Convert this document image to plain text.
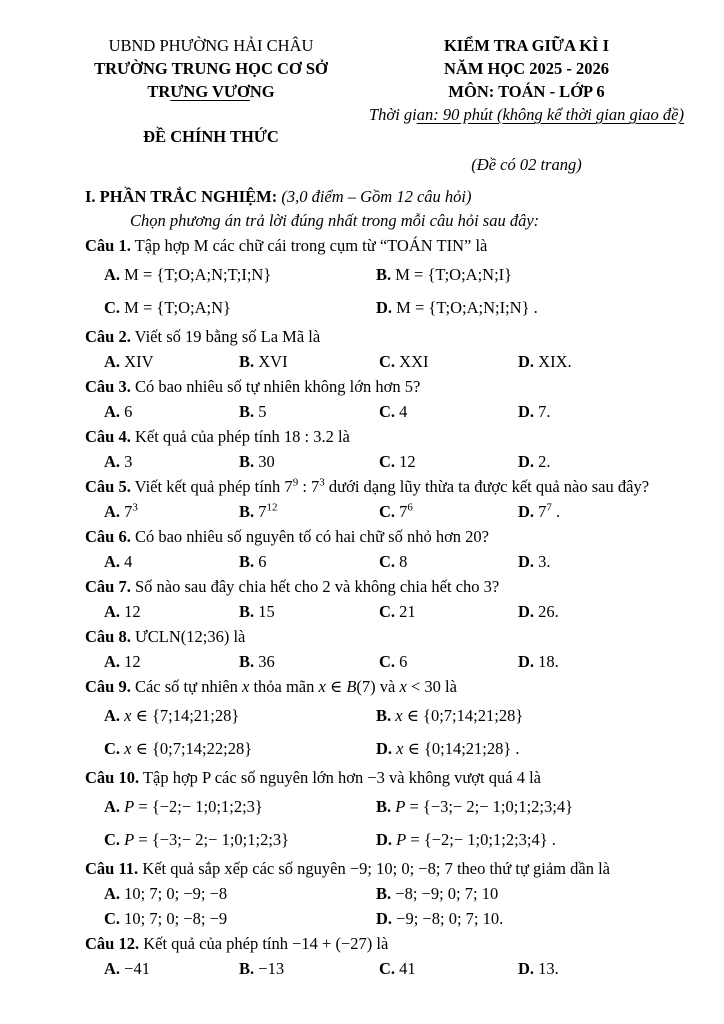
UBND PHƯỜNG HẢI CHÂU
TRƯỜNG TRUNG HỌC CƠ SỞ
TRƯNG VƯƠNG
ĐỀ CHÍNH THỨC
KIỂM TRA GIỮA KÌ I
NĂM HỌC 2025 - 2026
MÔN: TOÁN - LỚP 6
Thời gian: 90 phút (không kể thời gian giao đề)
(Đề có 02 trang)
I. PHẦN TRẮC NGHIỆM: (3,0 điểm – Gồm 12 câu hỏi)
Chọn phương án trả lời đúng nhất trong mỗi câu hỏi sau đây:
Câu 1. Tập hợp M các chữ cái trong cụm từ “TOÁN TIN” là
A. M = {T;O;A;N;T;I;N}	B. M = {T;O;A;N;I}
C. M = {T;O;A;N}	D. M = {T;O;A;N;I;N} .
Câu 2. Viết số 19 bằng số La Mã là
A. XIV	B. XVI	C. XXI	D. XIX.
Câu 3. Có bao nhiêu số tự nhiên không lớn hơn 5?
A. 6	B. 5	C. 4	D. 7.
Câu 4. Kết quả của phép tính 18 : 3.2 là
A. 3	B. 30	C. 12	D. 2.
Câu 5. Viết kết quả phép tính $7^9$ : $7^3$ dưới dạng lũy thừa ta được kết quả nào sau đây?
A. $7^3$	B. $7^{12}$	C. $7^6$	D. $7^7$ .
Câu 6. Có bao nhiêu số nguyên tố có hai chữ số nhỏ hơn 20?
A. 4	B. 6	C. 8	D. 3.
Câu 7. Số nào sau đây chia hết cho 2 và không chia hết cho 3?
A. 12	B. 15	C. 21	D. 26.
Câu 8. ƯCLN(12;36) là
A. 12	B. 36	C. 6	D. 18.
Câu 9. Các số tự nhiên x thỏa mãn x ∈ B(7) và x < 30 là
A. x ∈ {7;14;21;28}	B. x ∈ {0;7;14;21;28}
C. x ∈ {0;7;14;22;28}	D. x ∈ {0;14;21;28} .
Câu 10. Tập hợp P các số nguyên lớn hơn −3 và không vượt quá 4 là
A. P = {−2;− 1;0;1;2;3}	B. P = {−3;− 2;− 1;0;1;2;3;4}
C. P = {−3;− 2;− 1;0;1;2;3}	D. P = {−2;− 1;0;1;2;3;4} .
Câu 11. Kết quả sắp xếp các số nguyên −9; 10; 0; −8; 7 theo thứ tự giảm dần là
A. 10; 7; 0; −9; −8	B. −8; −9; 0; 7; 10
C. 10; 7; 0; −8; −9	D. −9; −8; 0; 7; 10.
Câu 12. Kết quả của phép tính −14 + (−27) là
A. −41	B. −13	C. 41	D. 13.
